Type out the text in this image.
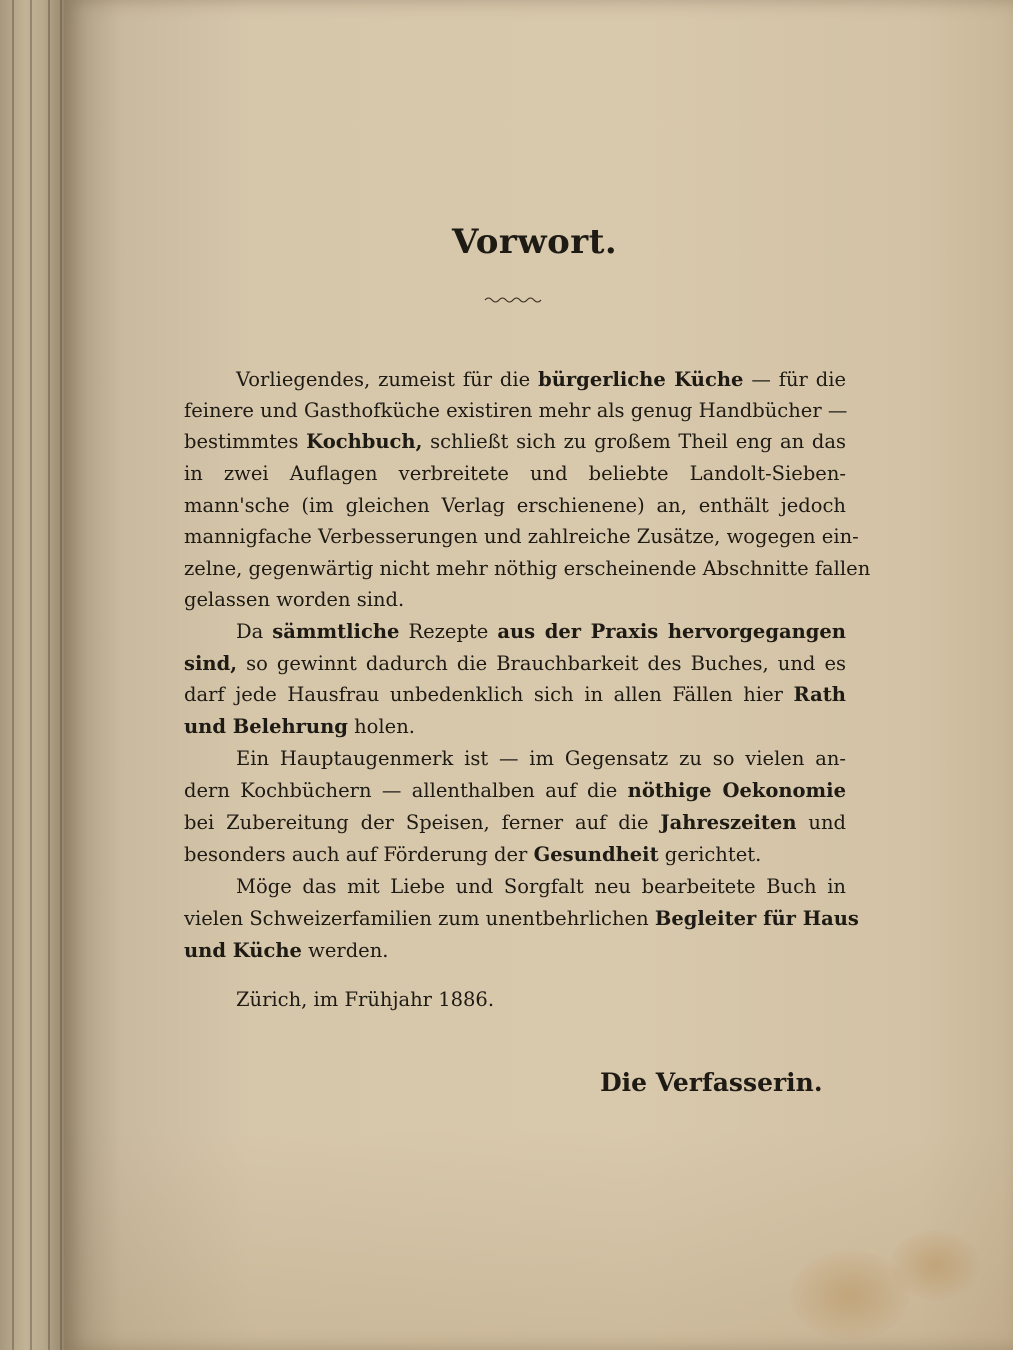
Vorwort.
Vorliegendes, zumeist für die bürgerliche Küche — für die
feinere und Gasthofküche existiren mehr als genug Handbücher —
bestimmtes Kochbuch, schließt sich zu großem Theil eng an das
in zwei Auflagen verbreitete und beliebte Landolt-Sieben-
mann'sche (im gleichen Verlag erschienene) an, enthält jedoch
mannigfache Verbesserungen und zahlreiche Zusätze, wogegen ein-
zelne, gegenwärtig nicht mehr nöthig erscheinende Abschnitte fallen
gelassen worden sind.
Da sämmtliche Rezepte aus der Praxis hervorgegangen
sind, so gewinnt dadurch die Brauchbarkeit des Buches, und es
darf jede Hausfrau unbedenklich sich in allen Fällen hier Rath
und Belehrung holen.
Ein Hauptaugenmerk ist — im Gegensatz zu so vielen an-
dern Kochbüchern — allenthalben auf die nöthige Oekonomie
bei Zubereitung der Speisen, ferner auf die Jahreszeiten und
besonders auch auf Förderung der Gesundheit gerichtet.
Möge das mit Liebe und Sorgfalt neu bearbeitete Buch in
vielen Schweizerfamilien zum unentbehrlichen Begleiter für Haus
und Küche werden.
Zürich, im Frühjahr 1886.
Die Verfasserin.
